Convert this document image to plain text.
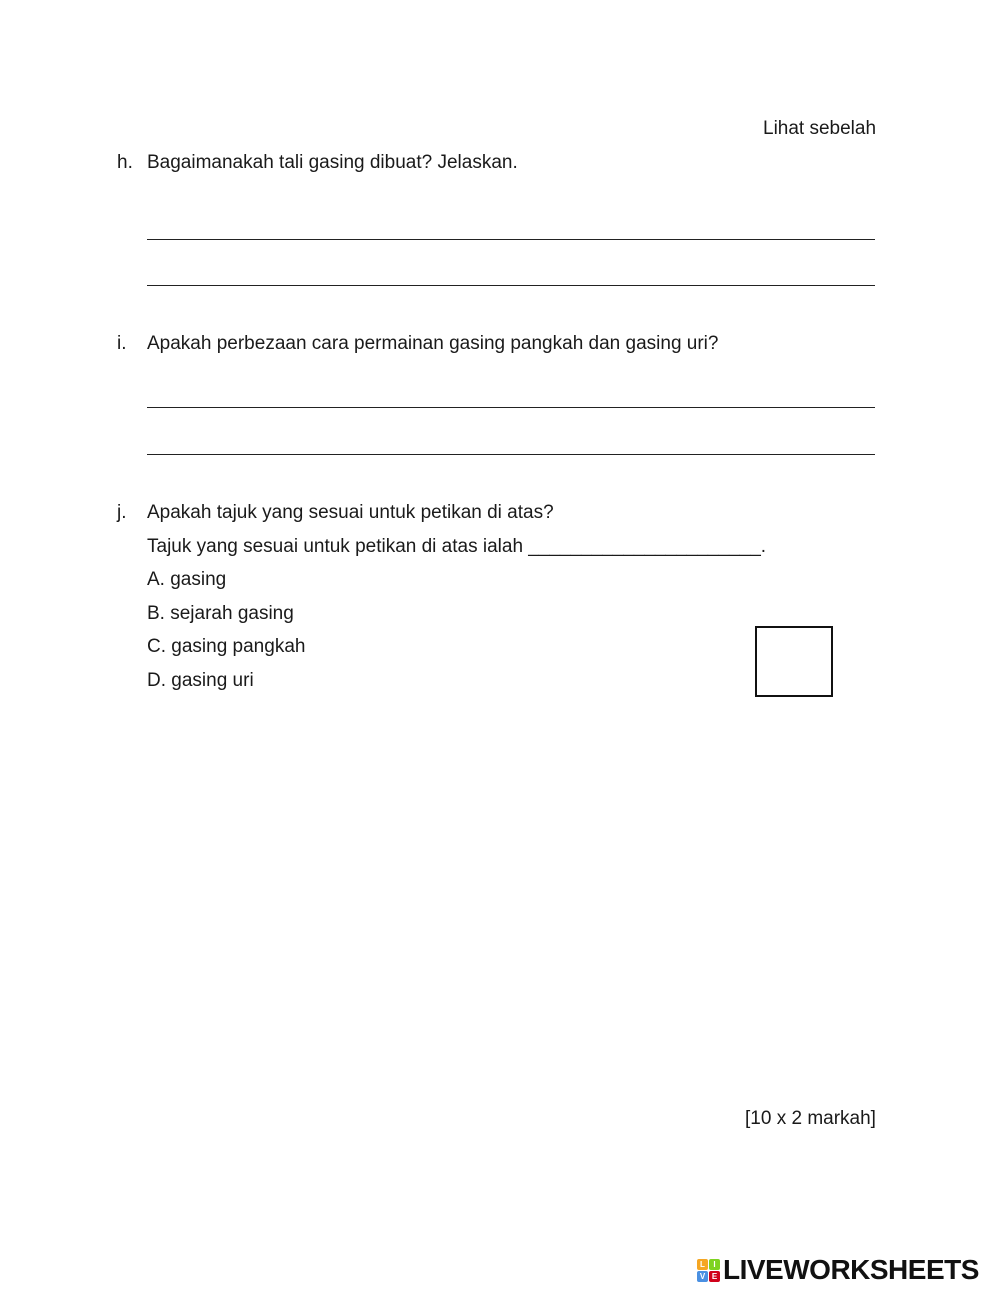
Lihat sebelah
h. Bagaimanakah tali gasing dibuat? Jelaskan.
i. Apakah perbezaan cara permainan gasing pangkah dan gasing uri?
j. Apakah tajuk yang sesuai untuk petikan di atas?
Tajuk yang sesuai untuk petikan di atas ialah ______________________.
A. gasing
B. sejarah gasing
C. gasing pangkah
D. gasing uri
[10 x 2 markah]
L	I
V E LIVEWORKSHEETS
